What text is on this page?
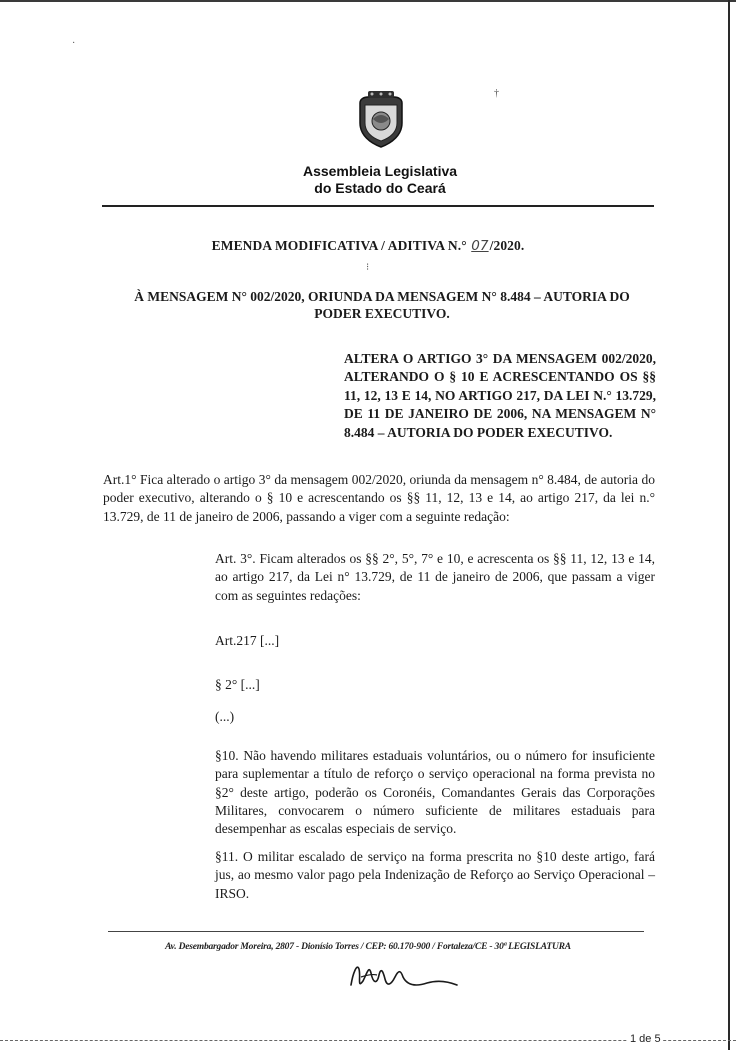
·
†
⁝
Assembleia Legislativa
do Estado do Ceará
EMENDA MODIFICATIVA / ADITIVA N.° 07/2020.
À MENSAGEM N° 002/2020, ORIUNDA DA MENSAGEM N° 8.484 – AUTORIA DO
PODER EXECUTIVO.
ALTERA O ARTIGO 3° DA MENSAGEM 002/2020, ALTERANDO O § 10 E ACRESCENTANDO OS §§ 11, 12, 13 E 14, NO ARTIGO 217, DA LEI N.° 13.729, DE 11 DE JANEIRO DE 2006, NA MENSAGEM N° 8.484 – AUTORIA DO PODER EXECUTIVO.
Art.1° Fica alterado o artigo 3° da mensagem 002/2020, oriunda da mensagem n° 8.484, de autoria do poder executivo, alterando o § 10 e acrescentando os §§ 11, 12, 13 e 14, ao artigo 217, da lei n.° 13.729, de 11 de janeiro de 2006, passando a viger com a seguinte redação:
Art. 3°. Ficam alterados os §§ 2°, 5°, 7° e 10, e acrescenta os §§ 11, 12, 13 e 14, ao artigo 217, da Lei n° 13.729, de 11 de janeiro de 2006, que passam a viger com as seguintes redações:
Art.217 [...]
§ 2° [...]
(...)
§10. Não havendo militares estaduais voluntários, ou o número for insuficiente para suplementar a título de reforço o serviço operacional na forma prevista no §2° deste artigo, poderão os Coronéis, Comandantes Gerais das Corporações Militares, convocarem o número suficiente de militares estaduais para desempenhar as escalas especiais de serviço.
§11. O militar escalado de serviço na forma prescrita no §10 deste artigo, fará jus, ao mesmo valor pago pela Indenização de Reforço ao Serviço Operacional – IRSO.
Av. Desembargador Moreira, 2807 - Dionísio Torres / CEP: 60.170-900 / Fortaleza/CE - 30ª LEGISLATURA
1 de 5
